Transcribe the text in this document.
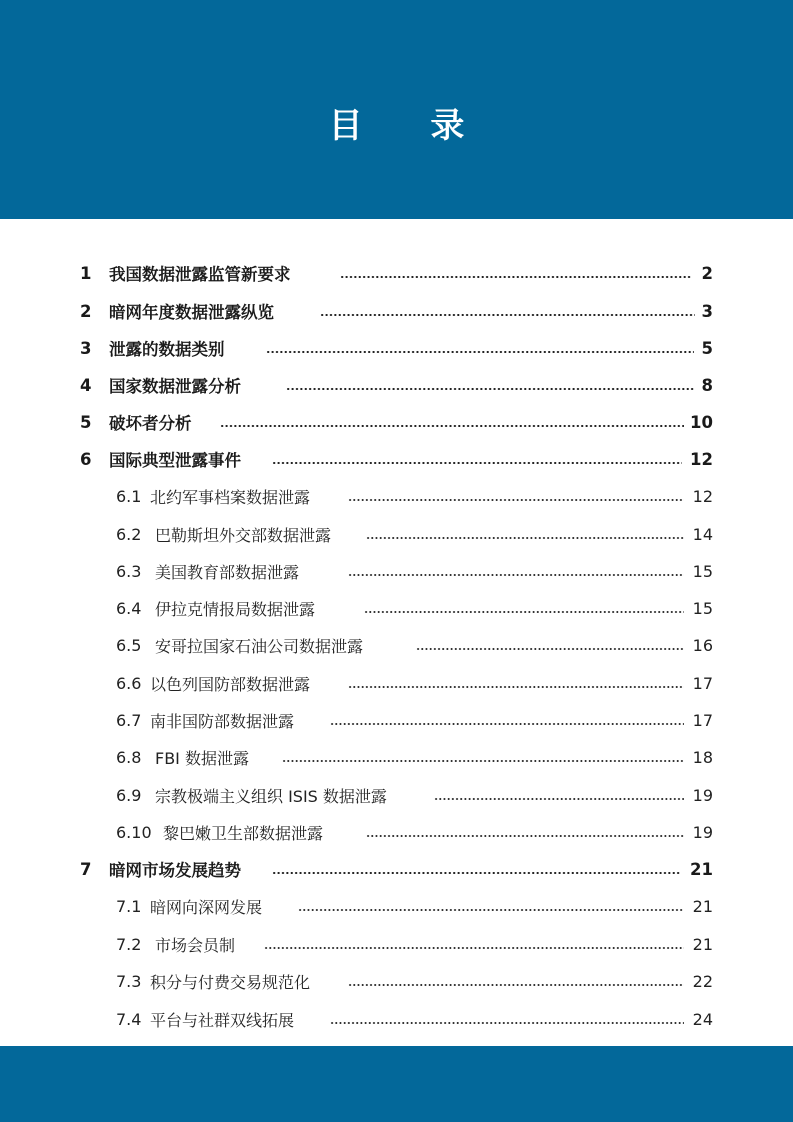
目 录
1 我国数据泄露监管新要求	2
2 暗网年度数据泄露纵览	3
3 泄露的数据类别	5
4 国家数据泄露分析	8
5 破坏者分析	10
6 国际典型泄露事件	12
6.1 北约军事档案数据泄露	12
6.2 巴勒斯坦外交部数据泄露	14
6.3 美国教育部数据泄露	15
6.4 伊拉克情报局数据泄露	15
6.5 安哥拉国家石油公司数据泄露	16
6.6 以色列国防部数据泄露	17
6.7 南非国防部数据泄露	17
6.8 FBI 数据泄露	18
6.9 宗教极端主义组织 ISIS 数据泄露	19
6.10 黎巴嫩卫生部数据泄露	19
7 暗网市场发展趋势	21
7.1 暗网向深网发展	21
7.2 市场会员制	21
7.3 积分与付费交易规范化	22
7.4 平台与社群双线拓展	24
